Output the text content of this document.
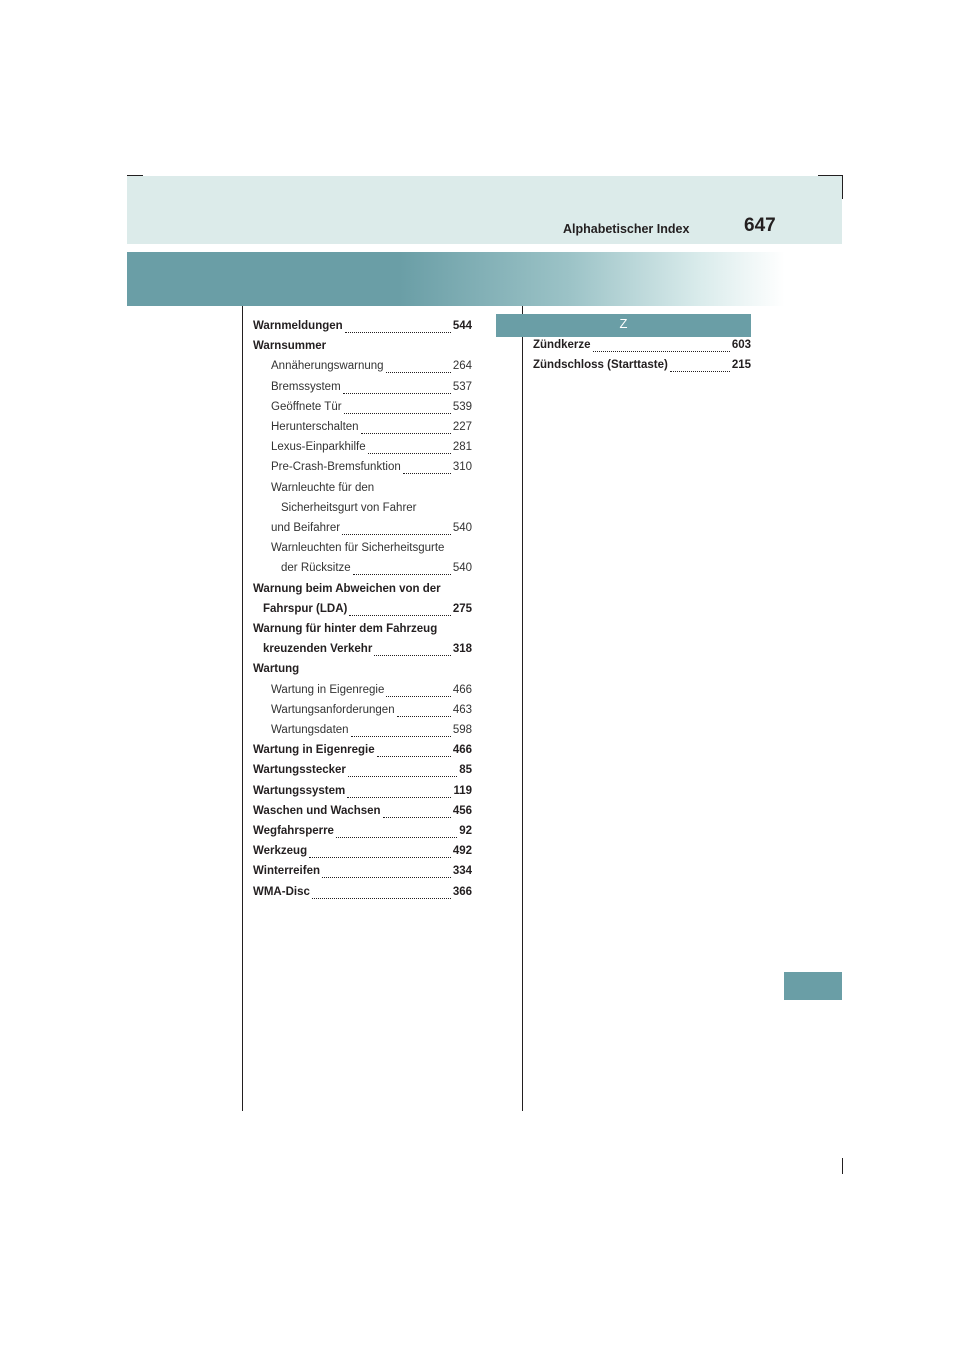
Alphabetischer Index	647
Z
Warnmeldungen	544
Warnsummer
Annäherungswarnung	264
Bremssystem	537
Geöffnete Tür	539
Herunterschalten	227
Lexus-Einparkhilfe	281
Pre-Crash-Bremsfunktion	310
Warnleuchte für den
Sicherheitsgurt von Fahrer
und Beifahrer	540
Warnleuchten für Sicherheitsgurte
der Rücksitze	540
Warnung beim Abweichen von der
Fahrspur (LDA)	275
Warnung für hinter dem Fahrzeug
kreuzenden Verkehr	318
Wartung
Wartung in Eigenregie	466
Wartungsanforderungen	463
Wartungsdaten	598
Wartung in Eigenregie	466
Wartungsstecker	85
Wartungssystem	119
Waschen und Wachsen	456
Wegfahrsperre	92
Werkzeug	492
Winterreifen	334
WMA-Disc	366
Zündkerze	603
Zündschloss (Starttaste)	215
